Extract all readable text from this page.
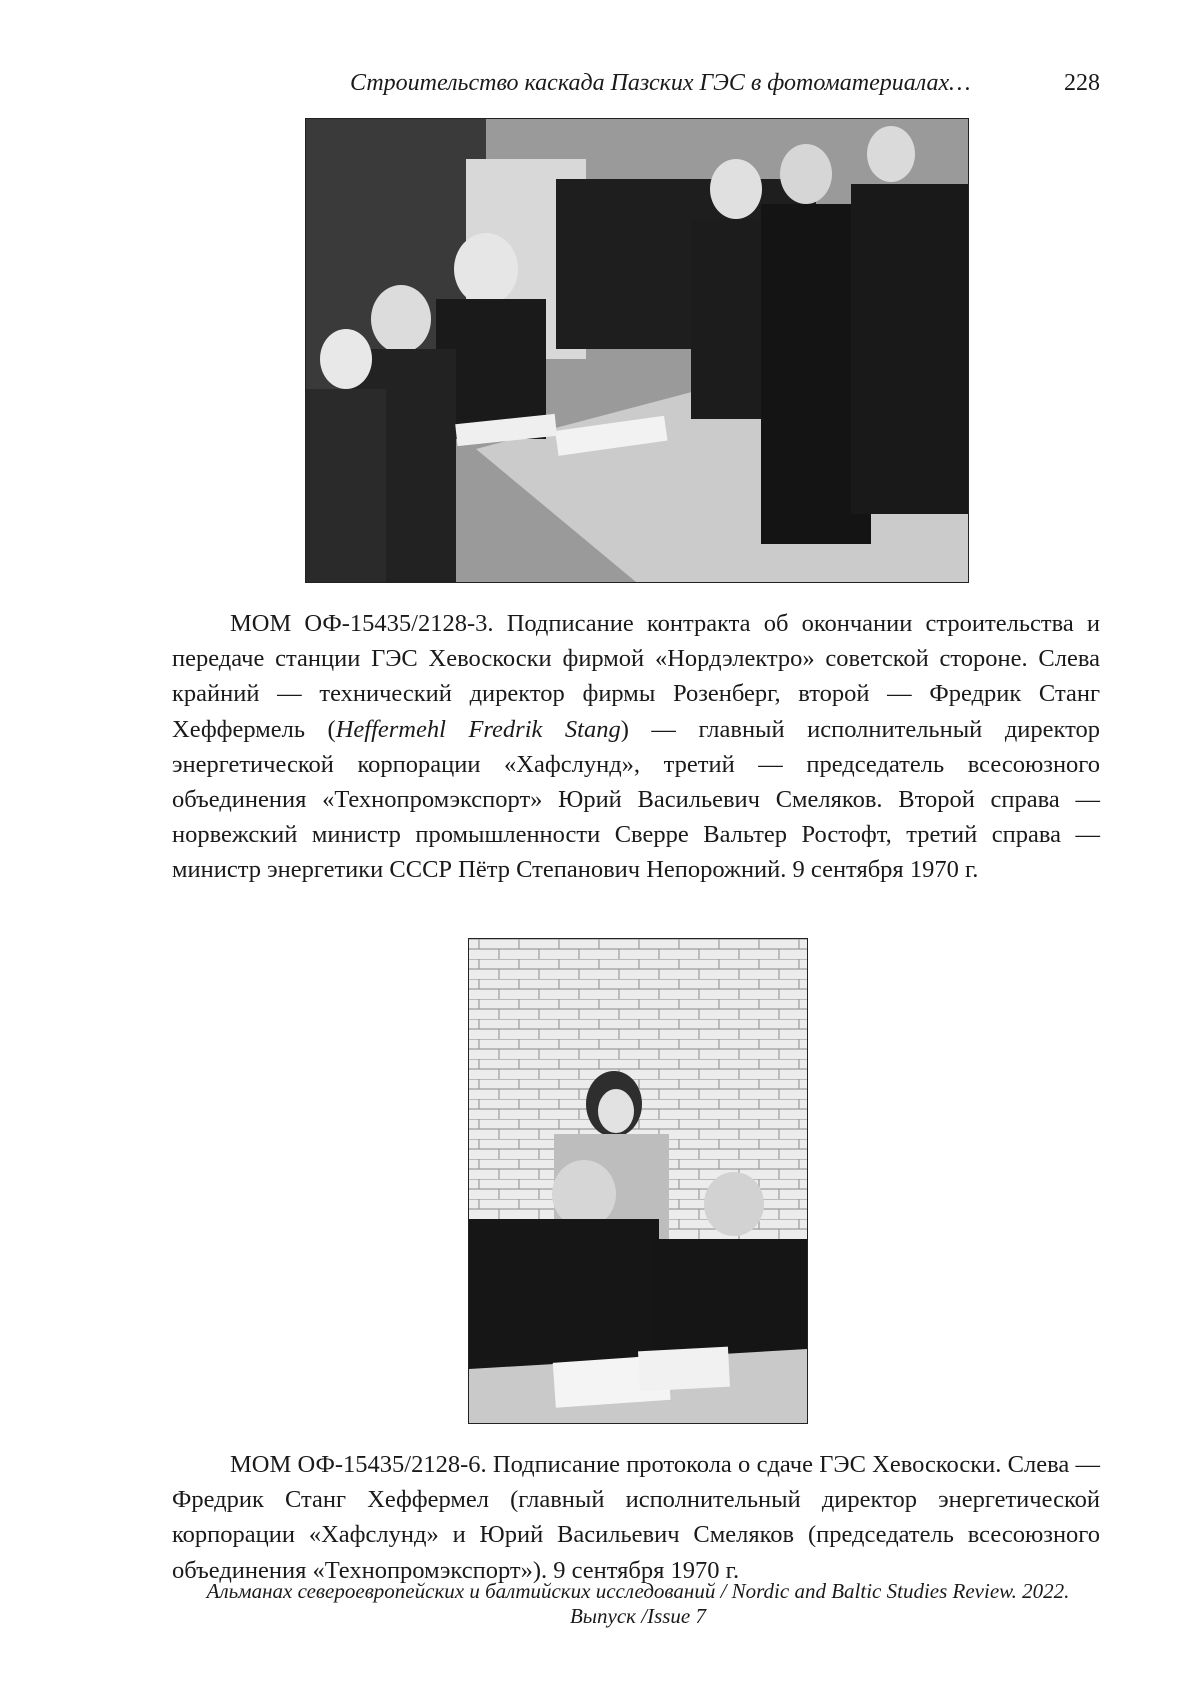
Строительство каскада Пазских ГЭС в фотоматериалах…	228

МОМ ОФ-15435/2128-3. Подписание контракта об окончании строительства и передаче станции ГЭС Хевоскоски фирмой «Нордэлектро» советской стороне. Слева крайний — технический директор фирмы Розенберг, второй — Фредрик Станг Хеффермель (Heffermehl Fredrik Stang) — главный исполнительный директор энергетической корпорации «Хафслунд», третий — председатель всесоюзного объединения «Технопромэкспорт» Юрий Васильевич Смеляков. Второй справа — норвежский министр промышленности Сверре Вальтер Ростофт, третий справа — министр энергетики СССР Пётр Степанович Непорожний. 9 сентября 1970 г.

МОМ ОФ-15435/2128-6. Подписание протокола о сдаче ГЭС Хевоскоски. Слева — Фредрик Станг Хеффермел (главный исполнительный директор энергетической корпорации «Хафслунд» и Юрий Васильевич Смеляков (председатель всесоюзного объединения «Технопромэкспорт»). 9 сентября 1970 г.

Альманах североевропейских и балтийских исследований / Nordic and Baltic Studies Review. 2022. Выпуск /Issue 7
